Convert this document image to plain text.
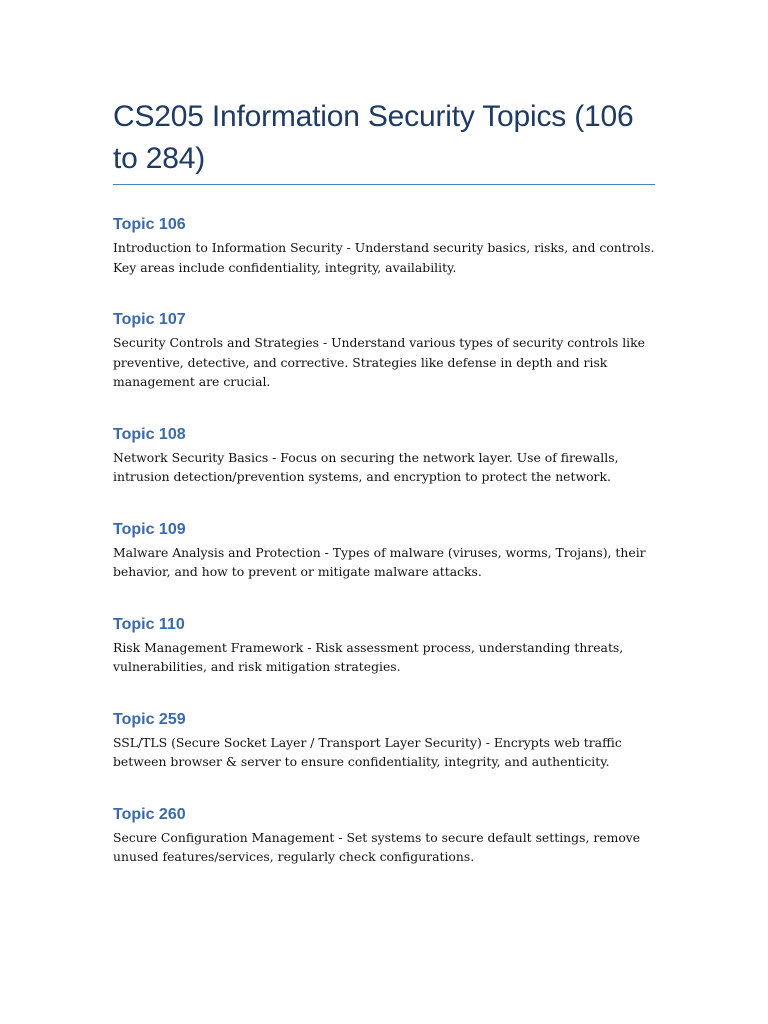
CS205 Information Security Topics (106 to 284)
Topic 106

Introduction to Information Security - Understand security basics, risks, and controls. Key areas include confidentiality, integrity, availability.

Topic 107

Security Controls and Strategies - Understand various types of security controls like preventive, detective, and corrective. Strategies like defense in depth and risk management are crucial.

Topic 108

Network Security Basics - Focus on securing the network layer. Use of firewalls, intrusion detection/prevention systems, and encryption to protect the network.

Topic 109

Malware Analysis and Protection - Types of malware (viruses, worms, Trojans), their behavior, and how to prevent or mitigate malware attacks.

Topic 110

Risk Management Framework - Risk assessment process, understanding threats, vulnerabilities, and risk mitigation strategies.

Topic 259

SSL/TLS (Secure Socket Layer / Transport Layer Security) - Encrypts web traffic between browser & server to ensure confidentiality, integrity, and authenticity.

Topic 260

Secure Configuration Management - Set systems to secure default settings, remove unused features/services, regularly check configurations.
